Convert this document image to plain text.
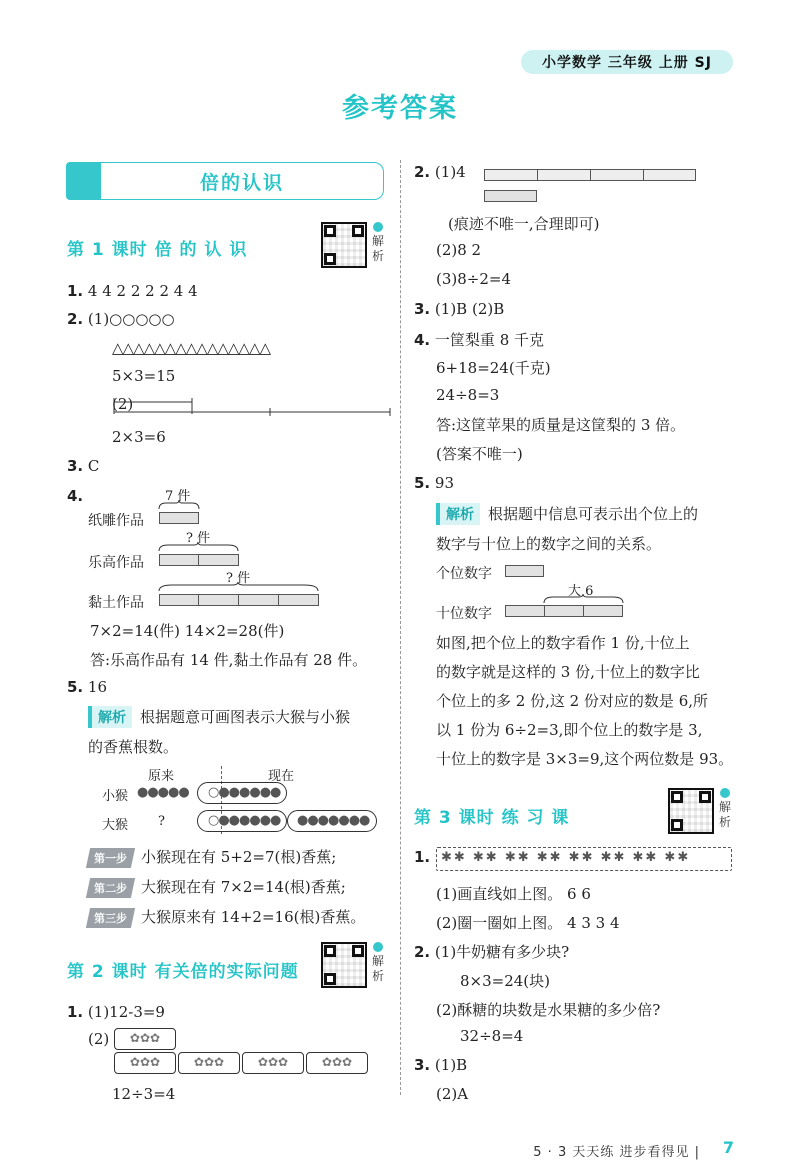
小学数学 三年级 上册 SJ
参考答案
倍的认识
第 1 课时 倍 的 认 识	解析
1. 4 4 2 2 2 2 4 4
2. (1)○○○○○
△△△△△△△△△△△△△△△
5×3=15
(2)
2×3=6
3. C
4.	7 件
纸雕作品
? 件
乐高作品
? 件
黏土作品
7×2=14(件) 14×2=28(件)
答:乐高作品有 14 件,黏土作品有 28 件。
5. 16
解析 根据题意可画图表示大猴与小猴
的香蕉根数。
原来	现在
小猴 ●●●●● ○●●●●●●
大猴 ?	○●●●●●● ●●●●●●●
第一步 小猴现在有 5+2=7(根)香蕉;
第二步 大猴现在有 7×2=14(根)香蕉;
第三步 大猴原来有 14+2=16(根)香蕉。
第 2 课时 有关倍的实际问题
解析
1. (1)12-3=9
(2)	✿✿✿
✿✿✿	✿✿✿	✿✿✿	✿✿✿
12÷3=4
2. (1)4
(痕迹不唯一,合理即可)
(2)8 2
(3)8÷2=4
3. (1)B (2)B
4. 一筐梨重 8 千克
6+18=24(千克)
24÷8=3
答:这筐苹果的质量是这筐梨的 3 倍。
(答案不唯一)
5. 93
解析 根据题中信息可表示出个位上的
数字与十位上的数字之间的关系。
个位数字
大 6
十位数字
如图,把个位上的数字看作 1 份,十位上
的数字就是这样的 3 份,十位上的数字比
个位上的多 2 份,这 2 份对应的数是 6,所
以 1 份为 6÷2=3,即个位上的数字是 3,
十位上的数字是 3×3=9,这个两位数是 93。
第 3 课时 练 习 课
解析
1. ✱✱ ✱✱ ✱✱ ✱✱ ✱✱ ✱✱ ✱✱ ✱✱
(1)画直线如上图。 6 6
(2)圈一圈如上图。 4 3 3 4
2. (1)牛奶糖有多少块?
8×3=24(块)
(2)酥糖的块数是水果糖的多少倍?
32÷8=4
3. (1)B
(2)A
5 · 3 天天练 进步看得见 | 7
